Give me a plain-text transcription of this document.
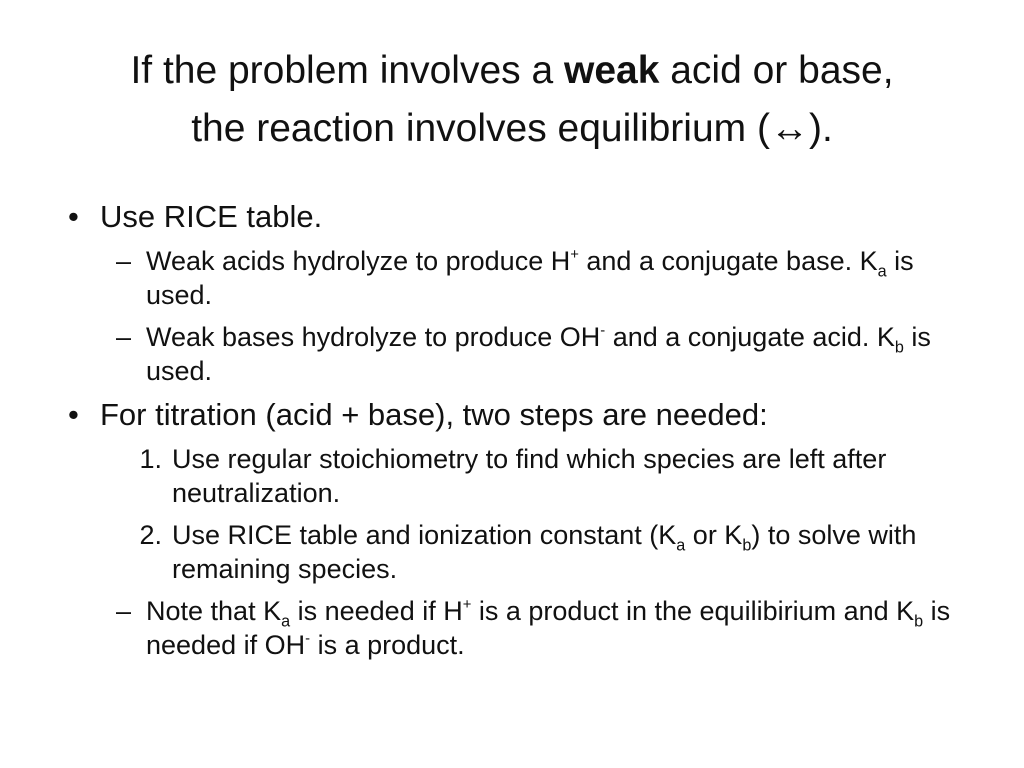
If the problem involves a weak acid or base,
the reaction involves equilibrium (↔).
• Use RICE table.
– Weak acids hydrolyze to produce H+ and a conjugate base. $K_a$ is used.
– Weak bases hydrolyze to produce OH- and a conjugate acid. $K_b$ is used.
• For titration (acid + base), two steps are needed:
1. Use regular stoichiometry to find which species are left after neutralization.
2. Use RICE table and ionization constant ($K_a$ or $K_b$) to solve with remaining species.
– Note that $K_a$ is needed if H+ is a product in the equilibirium and $K_b$ is needed if OH- is a product.
